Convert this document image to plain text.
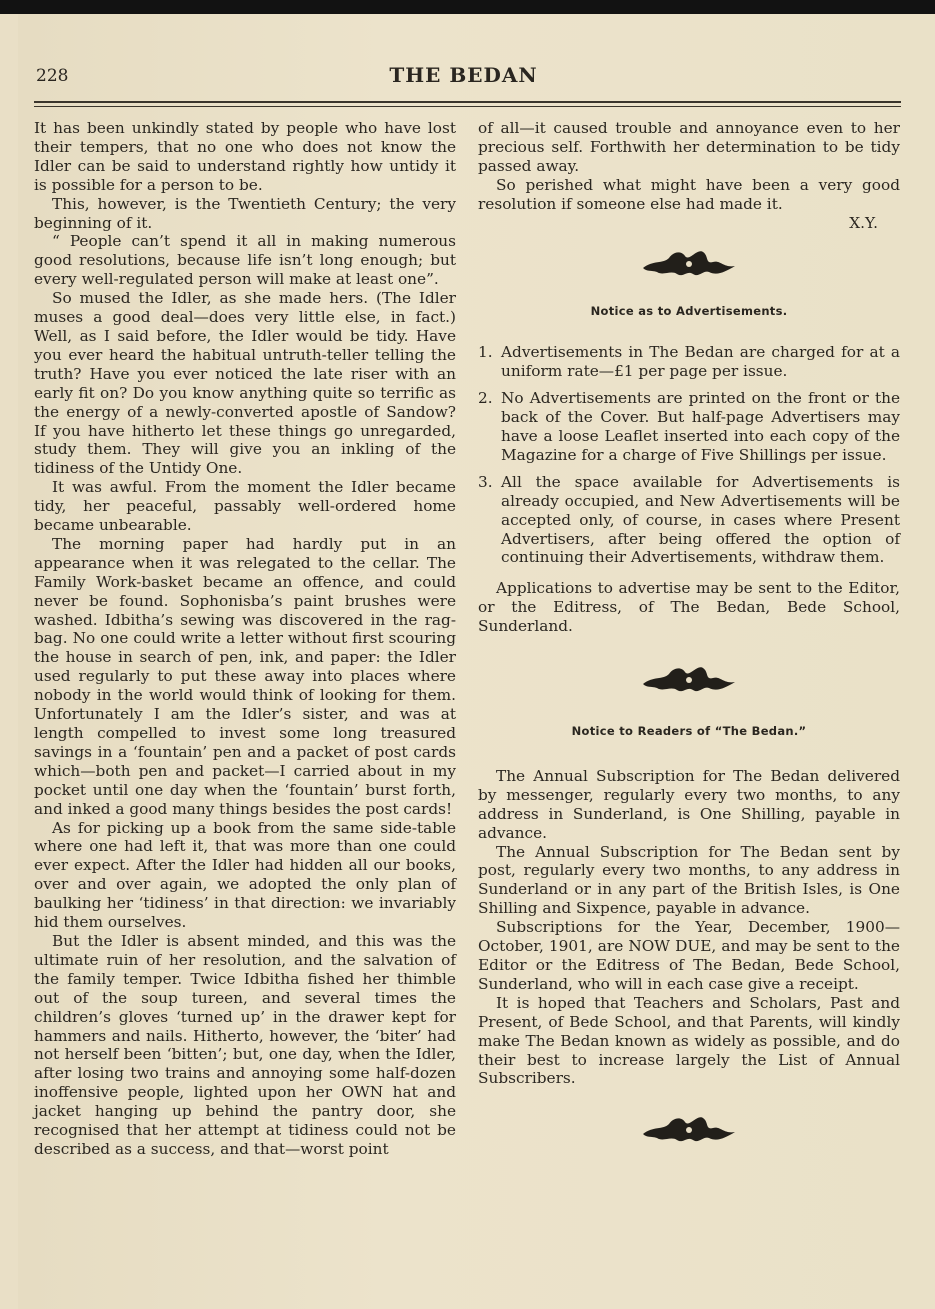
228	THE BEDAN

It has been unkindly stated by people who have lost their tempers, that no one who does not know the Idler can be said to understand rightly how untidy it is possible for a person to be.

This, however, is the Twentieth Century; the very beginning of it.

“ People can’t spend it all in making numerous good resolutions, because life isn’t long enough; but every well-regulated person will make at least one”.

So mused the Idler, as she made hers. (The Idler muses a good deal—does very little else, in fact.) Well, as I said before, the Idler would be tidy. Have you ever heard the habitual untruth-teller telling the truth? Have you ever noticed the late riser with an early fit on? Do you know anything quite so terrific as the energy of a newly-converted apostle of Sandow? If you have hitherto let these things go unregarded, study them. They will give you an inkling of the tidiness of the Untidy One.

It was awful. From the moment the Idler became tidy, her peaceful, passably well-ordered home became unbearable.

The morning paper had hardly put in an appearance when it was relegated to the cellar. The Family Work-basket became an offence, and could never be found. Sophonisba’s paint brushes were washed. Idbitha’s sewing was discovered in the rag-bag. No one could write a letter without first scouring the house in search of pen, ink, and paper: the Idler used regularly to put these away into places where nobody in the world would think of looking for them. Unfortunately I am the Idler’s sister, and was at length compelled to invest some long treasured savings in a ‘fountain’ pen and a packet of post cards which—both pen and packet—I carried about in my pocket until one day when the ‘fountain’ burst forth, and inked a good many things besides the post cards!

As for picking up a book from the same side-table where one had left it, that was more than one could ever expect. After the Idler had hidden all our books, over and over again, we adopted the only plan of baulking her ‘tidiness’ in that direction: we invariably hid them ourselves.

But the Idler is absent minded, and this was the ultimate ruin of her resolution, and the salvation of the family temper. Twice Idbitha fished her thimble out of the soup tureen, and several times the children’s gloves ‘turned up’ in the drawer kept for hammers and nails. Hitherto, however, the ‘biter’ had not herself been ‘bitten’; but, one day, when the Idler, after losing two trains and annoying some half-dozen inoffensive people, lighted upon her OWN hat and jacket hanging up behind the pantry door, she recognised that her attempt at tidiness could not be described as a success, and that—worst point

of all—it caused trouble and annoyance even to her precious self. Forthwith her determination to be tidy passed away.

So perished what might have been a very good resolution if someone else had made it.

X.Y.

Notice as to Advertisements.
1. Advertisements in The Bedan are charged for at a uniform rate—£1 per page per issue.
2. No Advertisements are printed on the front or the back of the Cover. But half-page Advertisers may have a loose Leaflet inserted into each copy of the Magazine for a charge of Five Shillings per issue.
3. All the space available for Advertisements is already occupied, and New Advertisements will be accepted only, of course, in cases where Present Advertisers, after being offered the option of continuing their Advertisements, withdraw them.

Applications to advertise may be sent to the Editor, or the Editress, of The Bedan, Bede School, Sunderland.

Notice to Readers of “The Bedan.”

The Annual Subscription for The Bedan delivered by messenger, regularly every two months, to any address in Sunderland, is One Shilling, payable in advance.

The Annual Subscription for The Bedan sent by post, regularly every two months, to any address in Sunderland or in any part of the British Isles, is One Shilling and Sixpence, payable in advance.

Subscriptions for the Year, December, 1900—October, 1901, are NOW DUE, and may be sent to the Editor or the Editress of The Bedan, Bede School, Sunderland, who will in each case give a receipt.

It is hoped that Teachers and Scholars, Past and Present, of Bede School, and that Parents, will kindly make The Bedan known as widely as possible, and do their best to increase largely the List of Annual Subscribers.
